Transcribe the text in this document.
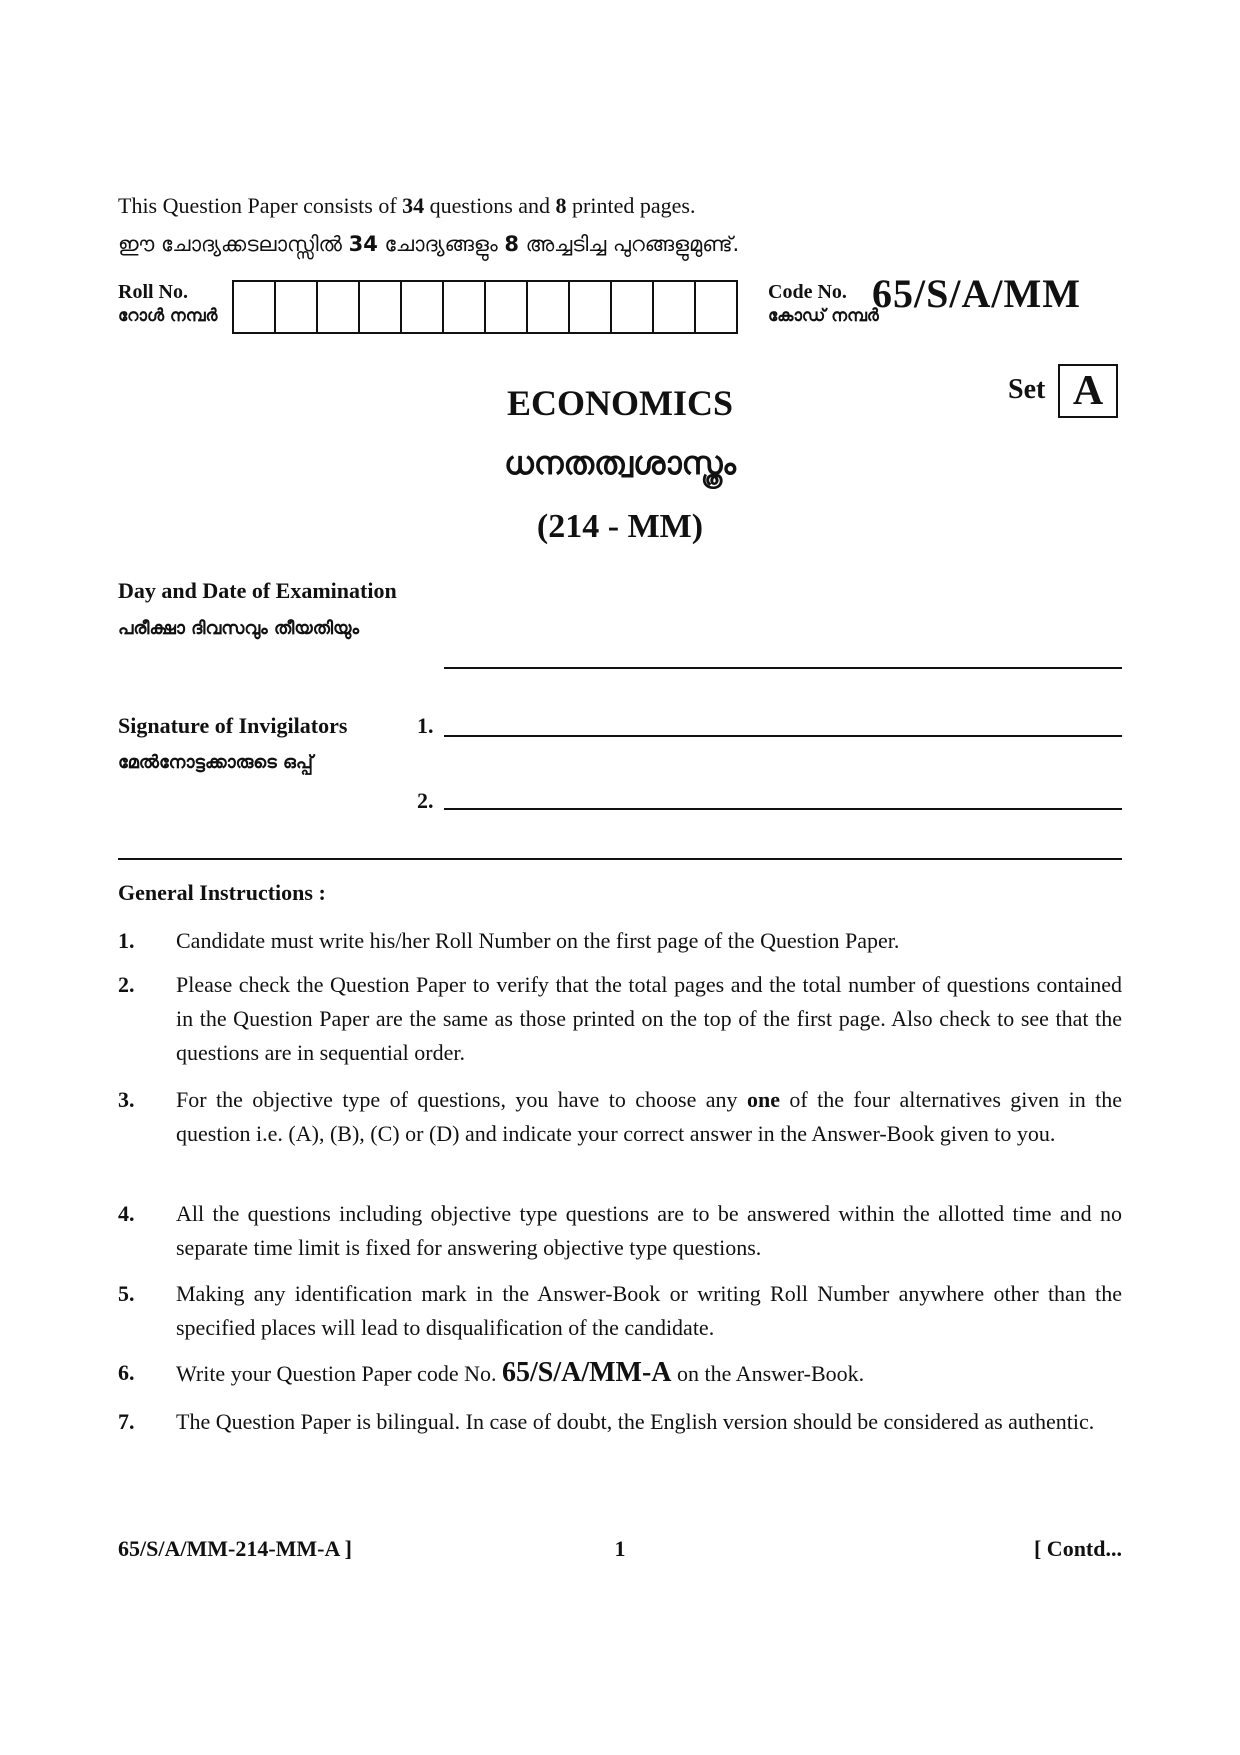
This Question Paper consists of 34 questions and 8 printed pages.
ഈ ചോദ്യക്കടലാസ്സിൽ 34 ചോദ്യങ്ങളും 8 അച്ചടിച്ച പുറങ്ങളുമുണ്ട്.
Roll No.
റോൾ നമ്പർ
Code No.
കോഡ് നമ്പർ
65/S/A/MM
Set A
ECONOMICS
ധനതത്വശാസ്ത്രം
(214 - MM)
Day and Date of Examination
പരീക്ഷാ ദിവസവും തീയതിയും
Signature of Invigilators
മേൽനോട്ടക്കാരുടെ ഒപ്പ്
1.
2.
General Instructions :
1. Candidate must write his/her Roll Number on the first page of the Question Paper.
2. Please check the Question Paper to verify that the total pages and the total number of questions contained in the Question Paper are the same as those printed on the top of the first page. Also check to see that the questions are in sequential order.
3. For the objective type of questions, you have to choose any one of the four alternatives given in the question i.e. (A), (B), (C) or (D) and indicate your correct answer in the Answer-Book given to you.
4. All the questions including objective type questions are to be answered within the allotted time and no separate time limit is fixed for answering objective type questions.
5. Making any identification mark in the Answer-Book or writing Roll Number anywhere other than the specified places will lead to disqualification of the candidate.
6. Write your Question Paper code No. 65/S/A/MM-A on the Answer-Book.
7. The Question Paper is bilingual. In case of doubt, the English version should be considered as authentic.
65/S/A/MM-214-MM-A ]	1	[ Contd...
